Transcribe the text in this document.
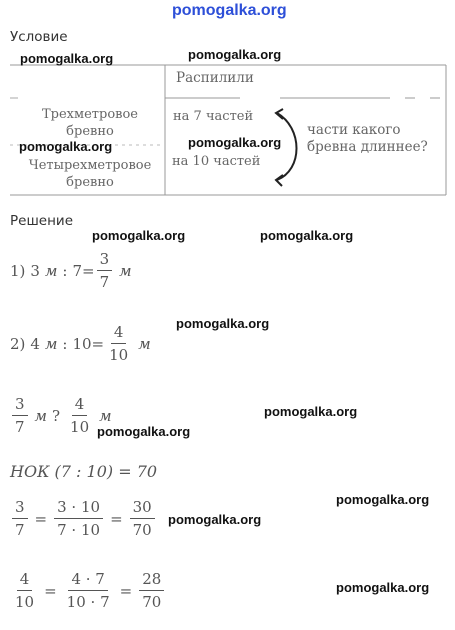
pomogalka.org
Условие
Распилили
Трехметровое бревно
на 7 частей
Четырехметровое бревно
на 10 частей
части какого бревна длиннее?
pomogalka.org
pomogalka.org
pomogalka.org
pomogalka.org
Решение
pomogalka.org	pomogalka.org
1) 3 м : $7 = \frac{3}{7}$ м
pomogalka.org
2) 4 м : $10 = \frac{4}{10}$ м
$\frac{3}{7}$ м ? $\frac{4}{10}$ м	pomogalka.org
pomogalka.org
НОК (7 : 10) = 70
pomogalka.org
$\frac{3}{7} = \frac{3 \cdot 10}{7 \cdot 10} = \frac{30}{70}$ pomogalka.org
pomogalka.org
$\frac{4}{10} = \frac{4 \cdot 7}{10 \cdot 7} = \frac{28}{70}$
